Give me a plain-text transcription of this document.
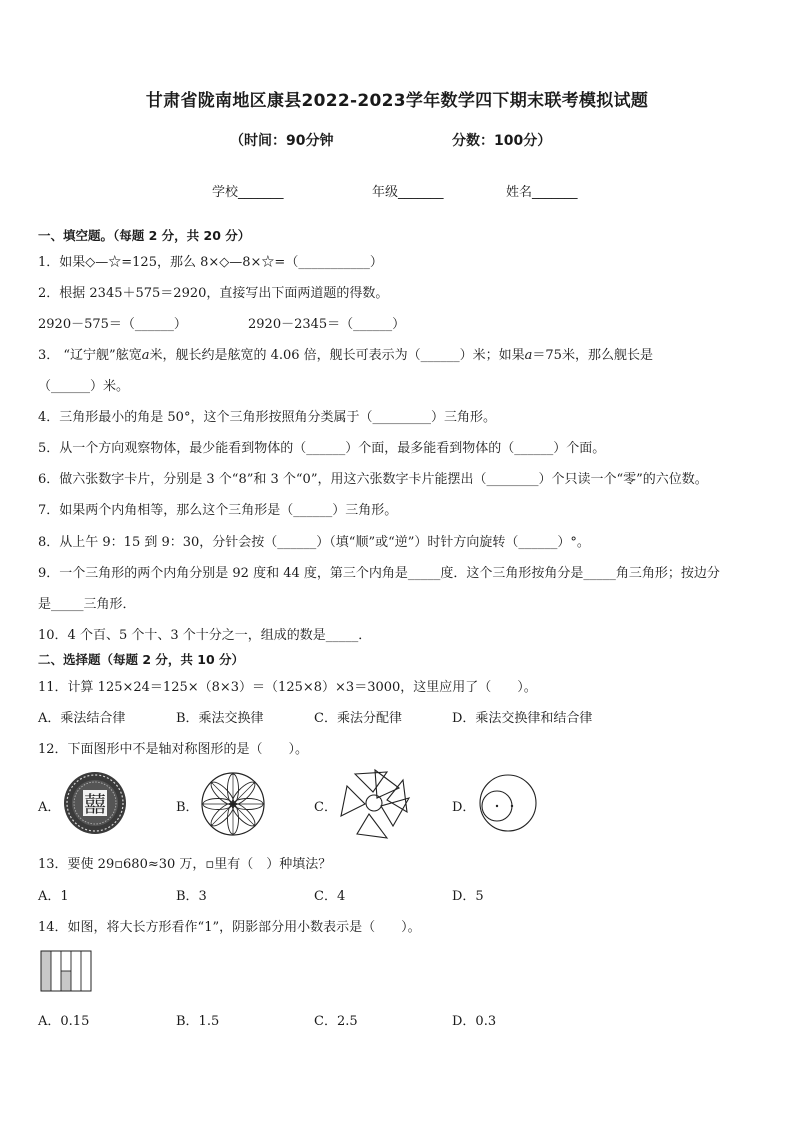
甘肃省陇南地区康县2022-2023学年数学四下期末联考模拟试题
（时间：90分钟	分数：100分）
学校_______	年级_______	姓名_______
一、填空题。（每题 2 分，共 20 分）
1．如果◇—☆=125，那么 8×◇—8×☆=（___________）
2．根据 2345＋575＝2920，直接写出下面两道题的得数。
2920－575＝（______）	2920－2345＝（______）
3． “辽宁舰”舷宽𝑎米，舰长约是舷宽的 4.06 倍，舰长可表示为（______）米；如果𝑎＝75米，那么舰长是
（______）米。
4．三角形最小的角是 50°，这个三角形按照角分类属于（_________）三角形。
5．从一个方向观察物体，最少能看到物体的（______）个面，最多能看到物体的（______）个面。
6．做六张数字卡片，分别是 3 个“8”和 3 个“0”，用这六张数字卡片能摆出（________）个只读一个“零”的六位数。
7．如果两个内角相等，那么这个三角形是（______）三角形。
8．从上午 9：15 到 9：30，分针会按（______）（填“顺”或“逆”）时针方向旋转（______）°。
9．一个三角形的两个内角分别是 92 度和 44 度，第三个内角是_____度．这个三角形按角分是_____角三角形；按边分
是_____三角形．
10．4 个百、5 个十、3 个十分之一，组成的数是_____．
二、选择题（每题 2 分，共 10 分）
11．计算 125×24＝125×（8×3）＝（125×8）×3＝3000，这里应用了（　　）。
A．乘法结合律	B．乘法交换律	C．乘法分配律	D．乘法交换律和结合律
12．下面图形中不是轴对称图形的是（　　）。
A．	B．	C．	D．
囍
13．要使 29▫680≈30 万，▫里有（　）种填法？
A．1	B．3	C．4	D．5
14．如图，将大长方形看作“1”，阴影部分用小数表示是（　　）。
A．0.15	B．1.5	C．2.5	D．0.3
